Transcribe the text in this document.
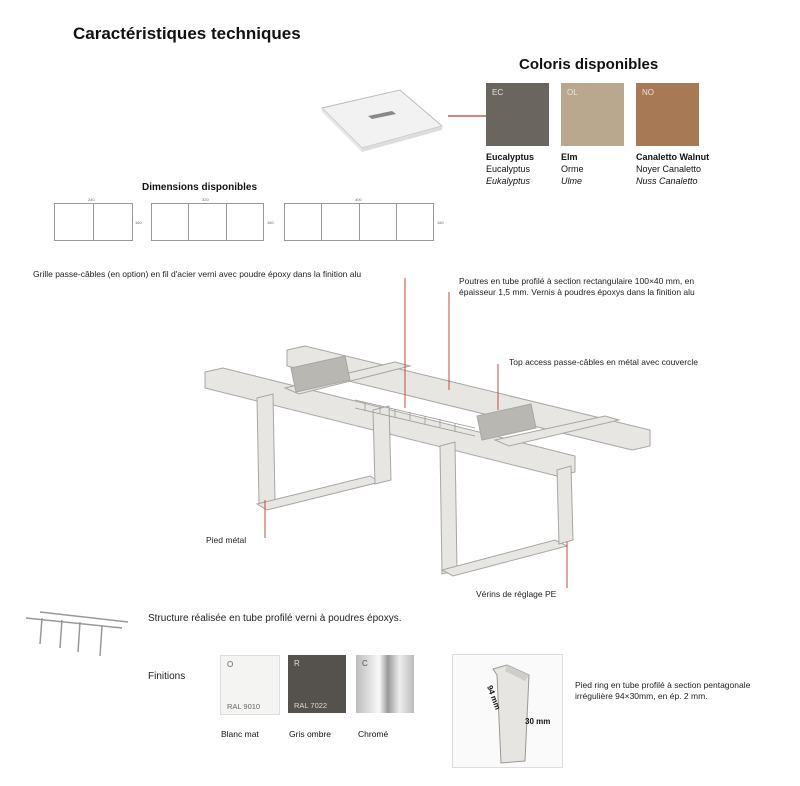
Caractéristiques techniques
Coloris disponibles
EC	OL	NO
Eucalyptus
Eucalyptus
Eukalyptus
Elm
Orme
Ulme
Canaletto Walnut
Noyer Canaletto
Nuss Canaletto
Dimensions disponibles
240
160
320
160
400
160
Grille passe-câbles (en option) en fil d'acier verni avec poudre époxy dans la finition alu
Poutres en tube profilé à section rectangulaire 100×40 mm, en épaisseur 1,5 mm. Vernis à poudres époxys dans la finition alu
Top access passe-câbles en métal avec couvercle
Pied métal
Vérins de réglage PE
Structure réalisée en tube profilé verni à poudres époxys.
Finitions
O
RAL 9010
R
RAL 7022
C
Blanc mat	Gris ombre	Chromé
94 mm
30 mm
Pied ring en tube profilé à section pentagonale irrégulière 94×30mm, en ép. 2 mm.
